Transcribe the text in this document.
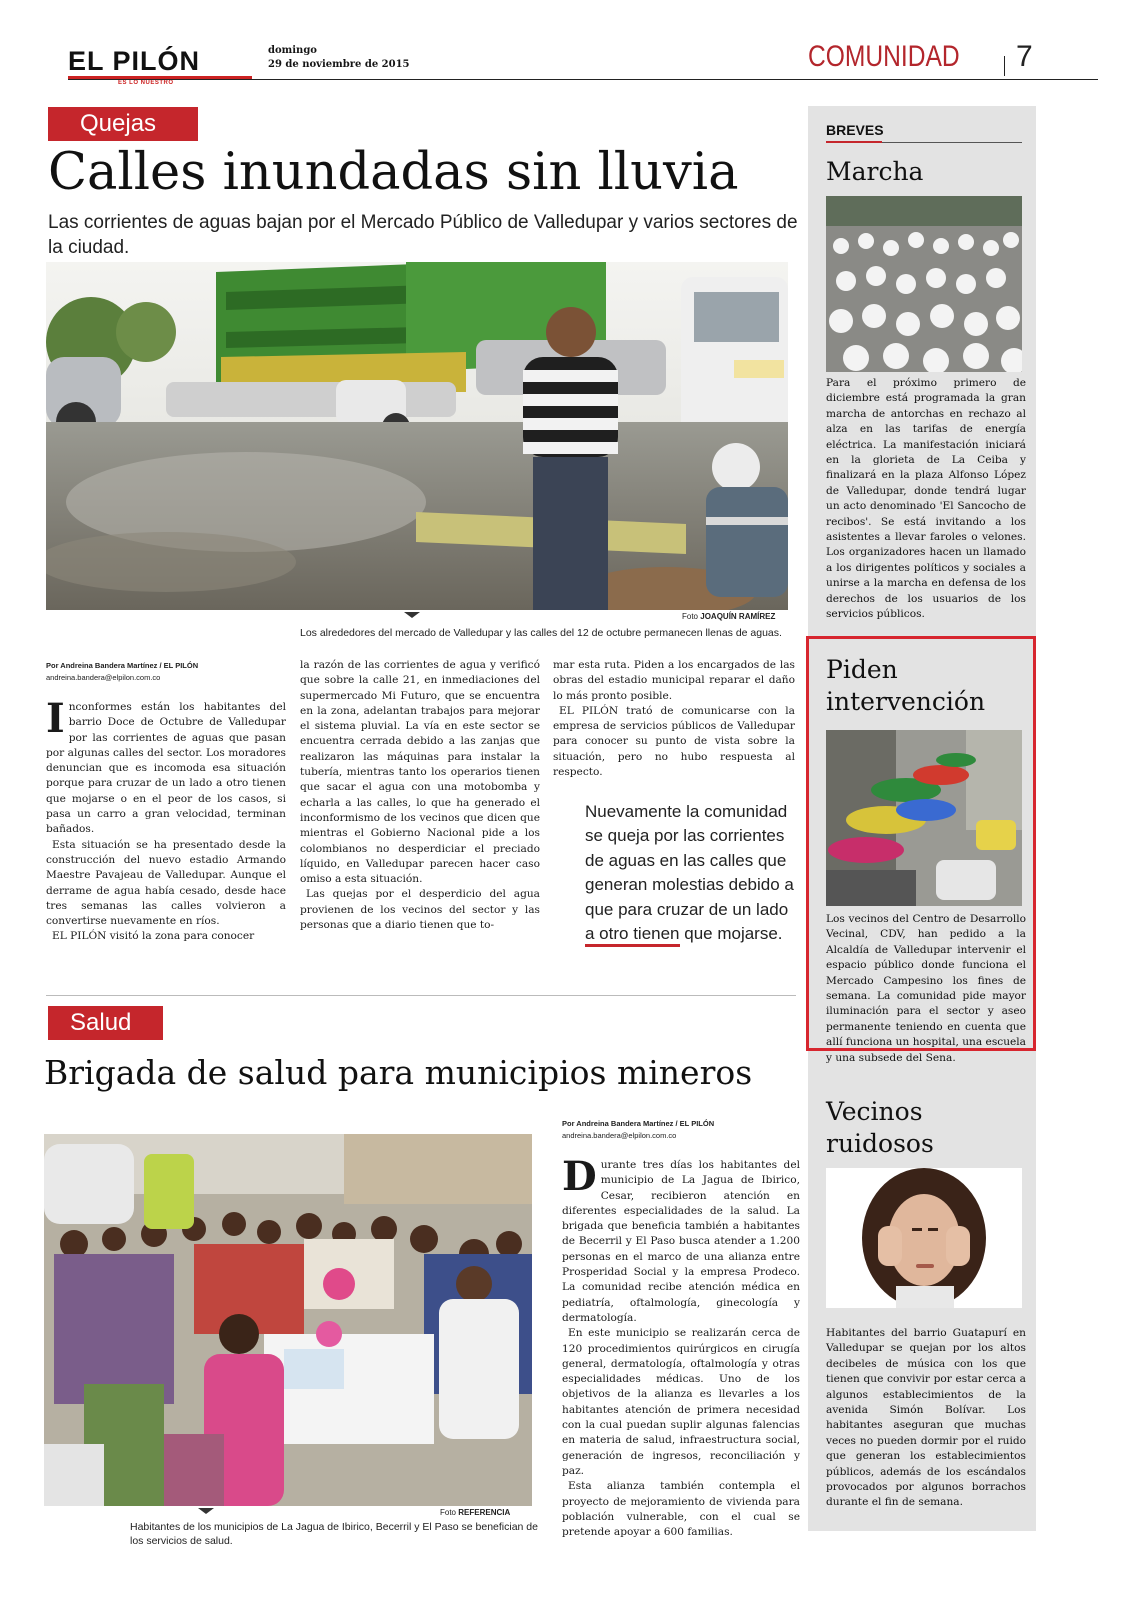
EL PILÓN
ES LO NUESTRO
domingo
29 de noviembre de 2015	COMUNIDAD 7
Quejas
Calles inundadas sin lluvia
Las corrientes de aguas bajan por el Mercado Público de Valledupar y varios sectores de la ciudad.
Foto JOAQUÍN RAMÍREZ
Los alrededores del mercado de Valledupar y las calles del 12 de octubre permanecen llenas de aguas.
Por Andreina Bandera Martínez / EL PILÓN
andreina.bandera@elpilon.com.co

Inconformes están los habitantes del barrio Doce de Octubre de Valledupar por las corrientes de aguas que pasan por algunas calles del sector. Los moradores denuncian que es incomoda esa situación porque para cruzar de un lado a otro tienen que mojarse o en el peor de los casos, si pasa un carro a gran velocidad, terminan bañados.

Esta situación se ha presentado desde la construcción del nuevo estadio Armando Maestre Pavajeau de Valledupar. Aunque el derrame de agua había cesado, desde hace tres semanas las calles volvieron a convertirse nuevamente en ríos.

EL PILÓN visitó la zona para conocer

la razón de las corrientes de agua y verificó que sobre la calle 21, en inmediaciones del supermercado Mi Futuro, que se encuentra en la zona, adelantan trabajos para mejorar el sistema pluvial. La vía en este sector se encuentra cerrada debido a las zanjas que realizaron las máquinas para instalar la tubería, mientras tanto los operarios tienen que sacar el agua con una motobomba y echarla a las calles, lo que ha generado el inconformismo de los vecinos que dicen que mientras el Gobierno Nacional pide a los colombianos no desperdiciar el preciado líquido, en Valledupar parecen hacer caso omiso a esta situación.

Las quejas por el desperdicio del agua provienen de los vecinos del sector y las personas que a diario tienen que to-

mar esta ruta. Piden a los encargados de las obras del estadio municipal reparar el daño lo más pronto posible.

EL PILÓN trató de comunicarse con la empresa de servicios públicos de Valledupar para conocer su punto de vista sobre la situación, pero no hubo respuesta al respecto.

Nuevamente la comunidad se queja por las corrientes de aguas en las calles que generan molestias debido a que para cruzar de un lado a otro tienen que mojarse.
Salud
Brigada de salud para municipios mineros
Foto REFERENCIA
Habitantes de los municipios de La Jagua de Ibirico, Becerril y El Paso se benefician de los servicios de salud.
Por Andreina Bandera Martínez / EL PILÓN
andreina.bandera@elpilon.com.co

Durante tres días los habitantes del municipio de La Jagua de Ibirico, Cesar, recibieron atención en diferentes especialidades de la salud. La brigada que beneficia también a habitantes de Becerril y El Paso busca atender a 1.200 personas en el marco de una alianza entre Prosperidad Social y la empresa Prodeco. La comunidad recibe atención médica en pediatría, oftalmología, ginecología y dermatología.

En este municipio se realizarán cerca de 120 procedimientos quirúrgicos en cirugía general, dermatología, oftalmología y otras especialidades médicas. Uno de los objetivos de la alianza es llevarles a los habitantes atención de primera necesidad con la cual puedan suplir algunas falencias en materia de salud, infraestructura social, generación de ingresos, reconciliación y paz.

Esta alianza también contempla el proyecto de mejoramiento de vivienda para población vulnerable, con el cual se pretende apoyar a 600 familias.

BREVES
Marcha
Para el próximo primero de diciembre está programada la gran marcha de antorchas en rechazo al alza en las tarifas de energía eléctrica. La manifestación iniciará en la glorieta de La Ceiba y finalizará en la plaza Alfonso López de Valledupar, donde tendrá lugar un acto denominado 'El Sancocho de recibos'. Se está invitando a los asistentes a llevar faroles o velones. Los organizadores hacen un llamado a los dirigentes políticos y sociales a unirse a la marcha en defensa de los derechos de los usuarios de los servicios públicos.
Piden intervención
Los vecinos del Centro de Desarrollo Vecinal, CDV, han pedido a la Alcaldía de Valledupar intervenir el espacio público donde funciona el Mercado Campesino los fines de semana. La comunidad pide mayor iluminación para el sector y aseo permanente teniendo en cuenta que allí funciona un hospital, una escuela y una subsede del Sena.
Vecinos ruidosos
Habitantes del barrio Guatapurí en Valledupar se quejan por los altos decibeles de música con los que tienen que convivir por estar cerca a algunos establecimientos de la avenida Simón Bolívar. Los habitantes aseguran que muchas veces no pueden dormir por el ruido que generan los establecimientos públicos, además de los escándalos provocados por algunos borrachos durante el fin de semana.
